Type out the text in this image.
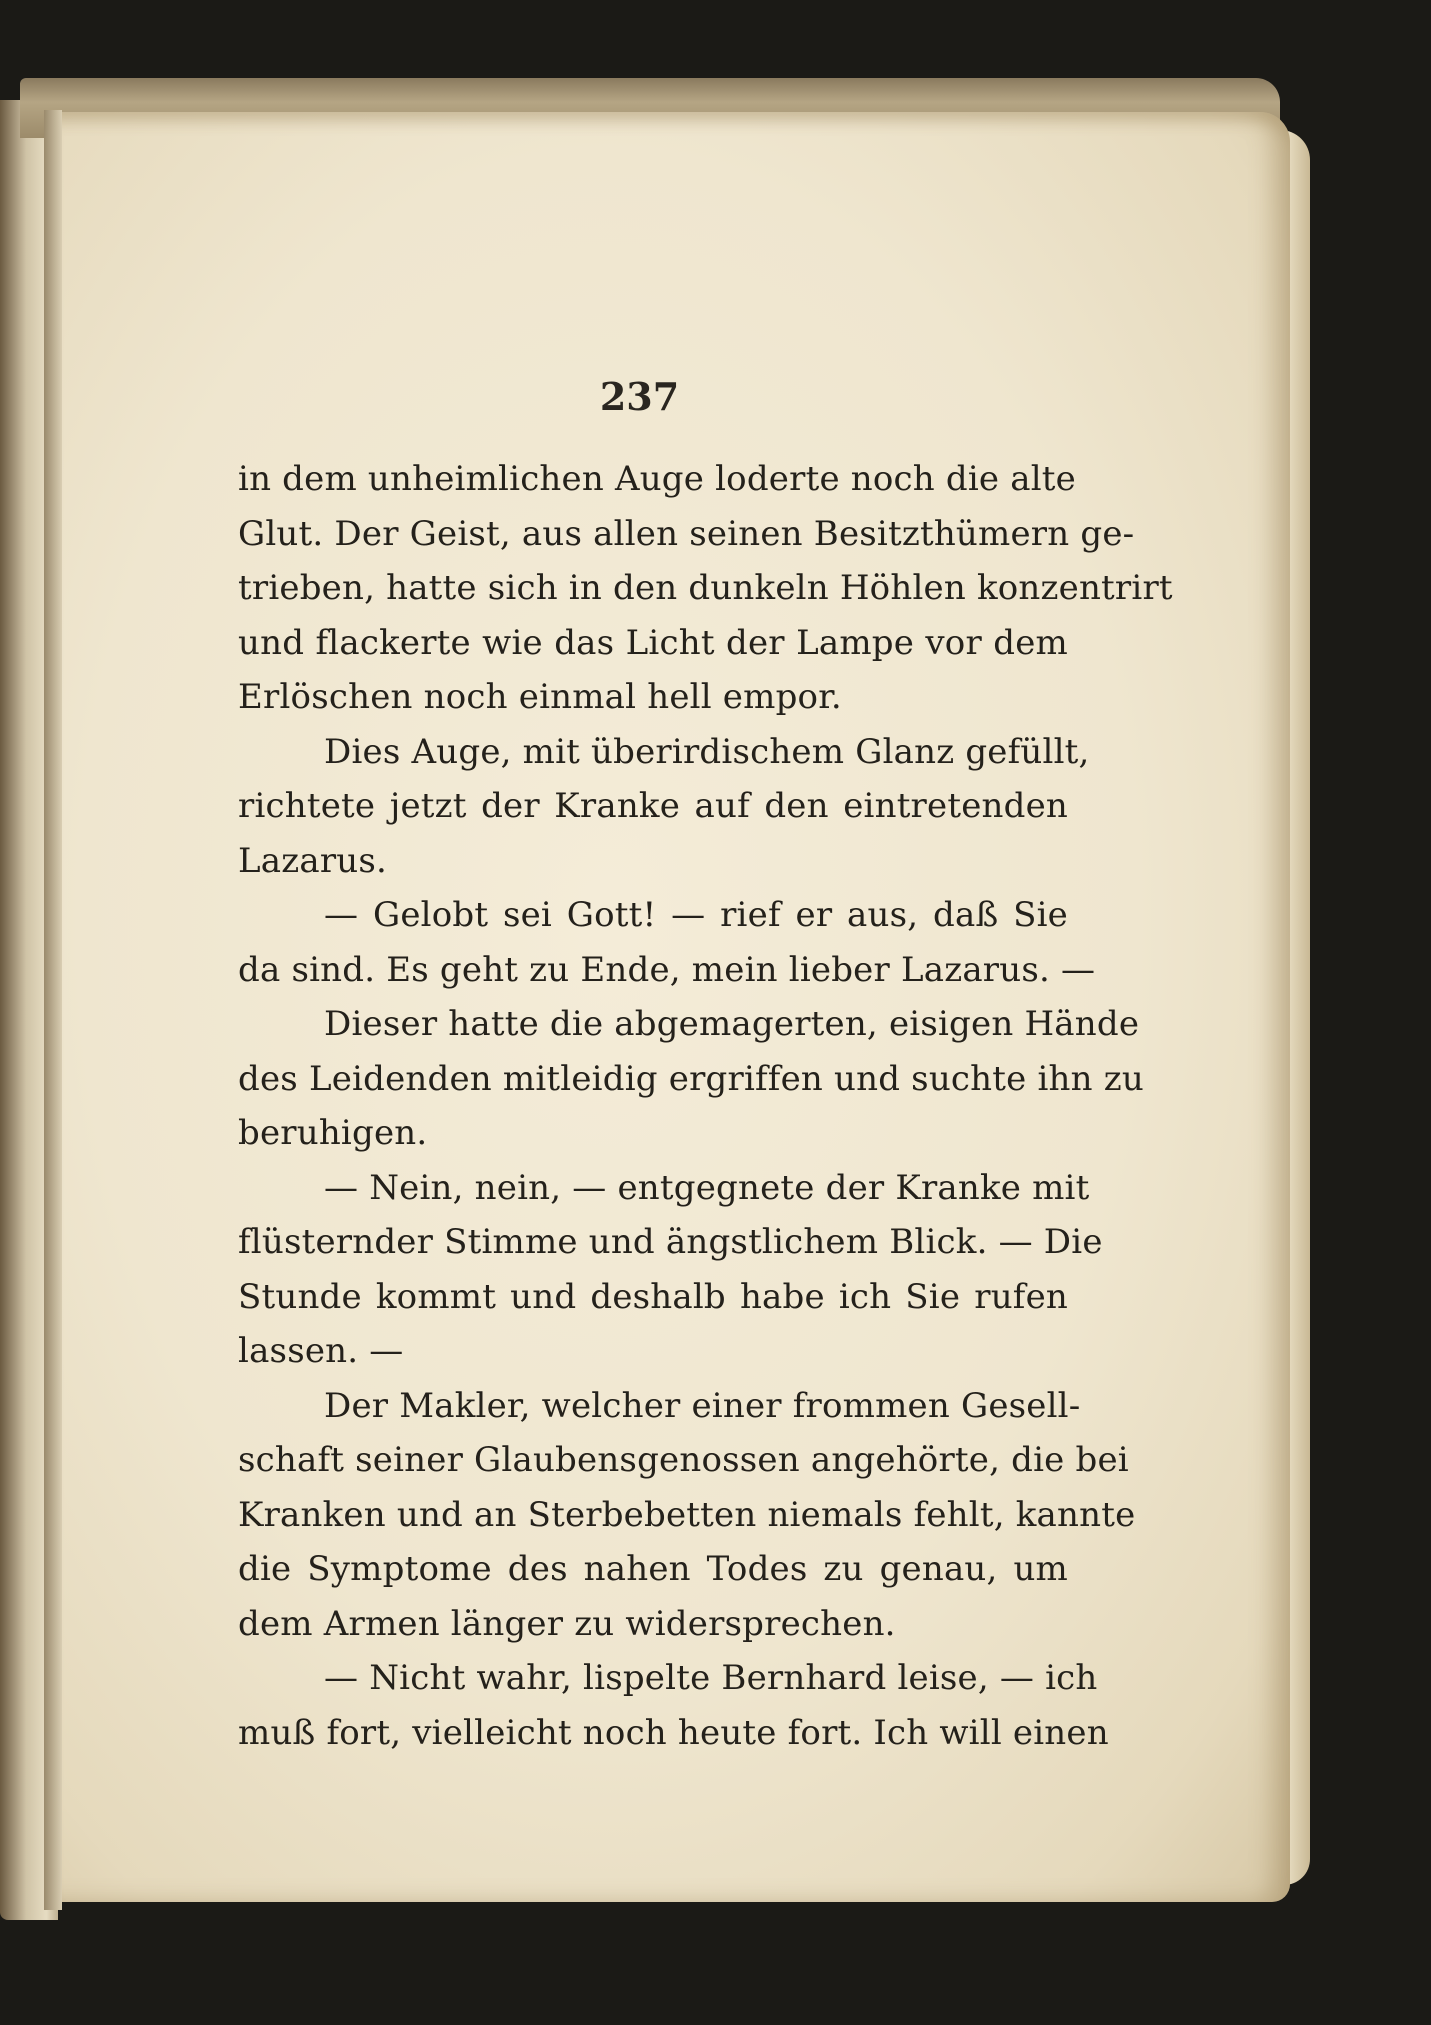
237
in dem unheimlichen Auge loderte noch die alte
Glut. Der Geist, aus allen seinen Besitzthümern ge-
trieben, hatte sich in den dunkeln Höhlen konzentrirt
und flackerte wie das Licht der Lampe vor dem
Erlöschen noch einmal hell empor.
Dies Auge, mit überirdischem Glanz gefüllt,
richtete jetzt der Kranke auf den eintretenden
Lazarus.
— Gelobt sei Gott! — rief er aus, daß Sie
da sind. Es geht zu Ende, mein lieber Lazarus. —
Dieser hatte die abgemagerten, eisigen Hände
des Leidenden mitleidig ergriffen und suchte ihn zu
beruhigen.
— Nein, nein, — entgegnete der Kranke mit
flüsternder Stimme und ängstlichem Blick. — Die
Stunde kommt und deshalb habe ich Sie rufen
lassen. —
Der Makler, welcher einer frommen Gesell-
schaft seiner Glaubensgenossen angehörte, die bei
Kranken und an Sterbebetten niemals fehlt, kannte
die Symptome des nahen Todes zu genau, um
dem Armen länger zu widersprechen.
— Nicht wahr, lispelte Bernhard leise, — ich
muß fort, vielleicht noch heute fort. Ich will einen
